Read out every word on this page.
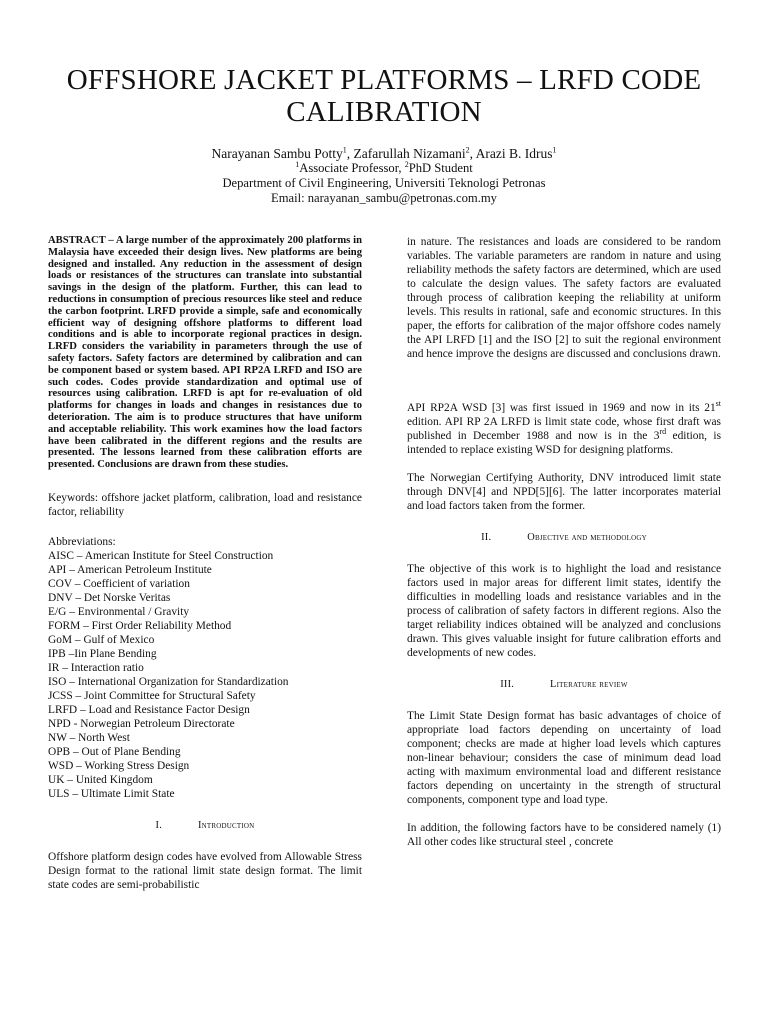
OFFSHORE JACKET PLATFORMS – LRFD CODE CALIBRATION
Narayanan Sambu Potty$^1$, Zafarullah Nizamani$^2$, Arazi B. Idrus$^1$
$^1$Associate Professor, $^2$PhD Student
Department of Civil Engineering, Universiti Teknologi Petronas
Email: narayanan_sambu@petronas.com.my

ABSTRACT – A large number of the approximately 200 platforms in Malaysia have exceeded their design lives. New platforms are being designed and installed. Any reduction in the assessment of design loads or resistances of the structures can translate into substantial savings in the design of the platform. Further, this can lead to reductions in consumption of precious resources like steel and reduce the carbon footprint. LRFD provide a simple, safe and economically efficient way of designing offshore platforms to different load conditions and is able to incorporate regional practices in design. LRFD considers the variability in parameters through the use of safety factors. Safety factors are determined by calibration and can be component based or system based. API RP2A LRFD and ISO are such codes. Codes provide standardization and optimal use of resources using calibration. LRFD is apt for re-evaluation of old platforms for changes in loads and changes in resistances due to deterioration. The aim is to produce structures that have uniform and acceptable reliability. This work examines how the load factors have been calibrated in the different regions and the results are presented. The lessons learned from these calibration efforts are presented. Conclusions are drawn from these studies.

Keywords: offshore jacket platform, calibration, load and resistance factor, reliability

Abbreviations:

AISC – American Institute for Steel Construction
API – American Petroleum Institute
COV – Coefficient of variation
DNV – Det Norske Veritas
E/G – Environmental / Gravity
FORM – First Order Reliability Method
GoM – Gulf of Mexico
IPB –Iin Plane Bending
IR – Interaction ratio
ISO – International Organization for Standardization
JCSS – Joint Committee for Structural Safety
LRFD – Load and Resistance Factor Design
NPD - Norwegian Petroleum Directorate
NW – North West
OPB – Out of Plane Bending
WSD – Working Stress Design
UK – United Kingdom
ULS – Ultimate Limit State
I.	Introduction

Offshore platform design codes have evolved from Allowable Stress Design format to the rational limit state design format. The limit state codes are semi-probabilistic

in nature. The resistances and loads are considered to be random variables. The variable parameters are random in nature and using reliability methods the safety factors are determined, which are used to calculate the design values. The safety factors are evaluated through process of calibration keeping the reliability at uniform levels. This results in rational, safe and economic structures. In this paper, the efforts for calibration of the major offshore codes namely the API LRFD [1] and the ISO [2] to suit the regional environment and hence improve the designs are discussed and conclusions drawn.

API RP2A WSD [3] was first issued in 1969 and now in its 21st edition. API RP 2A LRFD is limit state code, whose first draft was published in December 1988 and now is in the 3rd edition, is intended to replace existing WSD for designing platforms.

The Norwegian Certifying Authority, DNV introduced limit state through DNV[4] and NPD[5][6]. The latter incorporates material and load factors taken from the former.

II.	Objective and methodology

The objective of this work is to highlight the load and resistance factors used in major areas for different limit states, identify the difficulties in modelling loads and resistance variables and in the process of calibration of safety factors in different regions. Also the target reliability indices obtained will be analyzed and conclusions drawn. This gives valuable insight for future calibration efforts and developments of new codes.

III.	Literature review

The Limit State Design format has basic advantages of choice of appropriate load factors depending on uncertainty of load component; checks are made at higher load levels which captures non-linear behaviour; considers the case of minimum dead load acting with maximum environmental load and different resistance factors depending on uncertainty in the strength of structural components, component type and load type.

In addition, the following factors have to be considered namely (1) All other codes like structural steel , concrete
